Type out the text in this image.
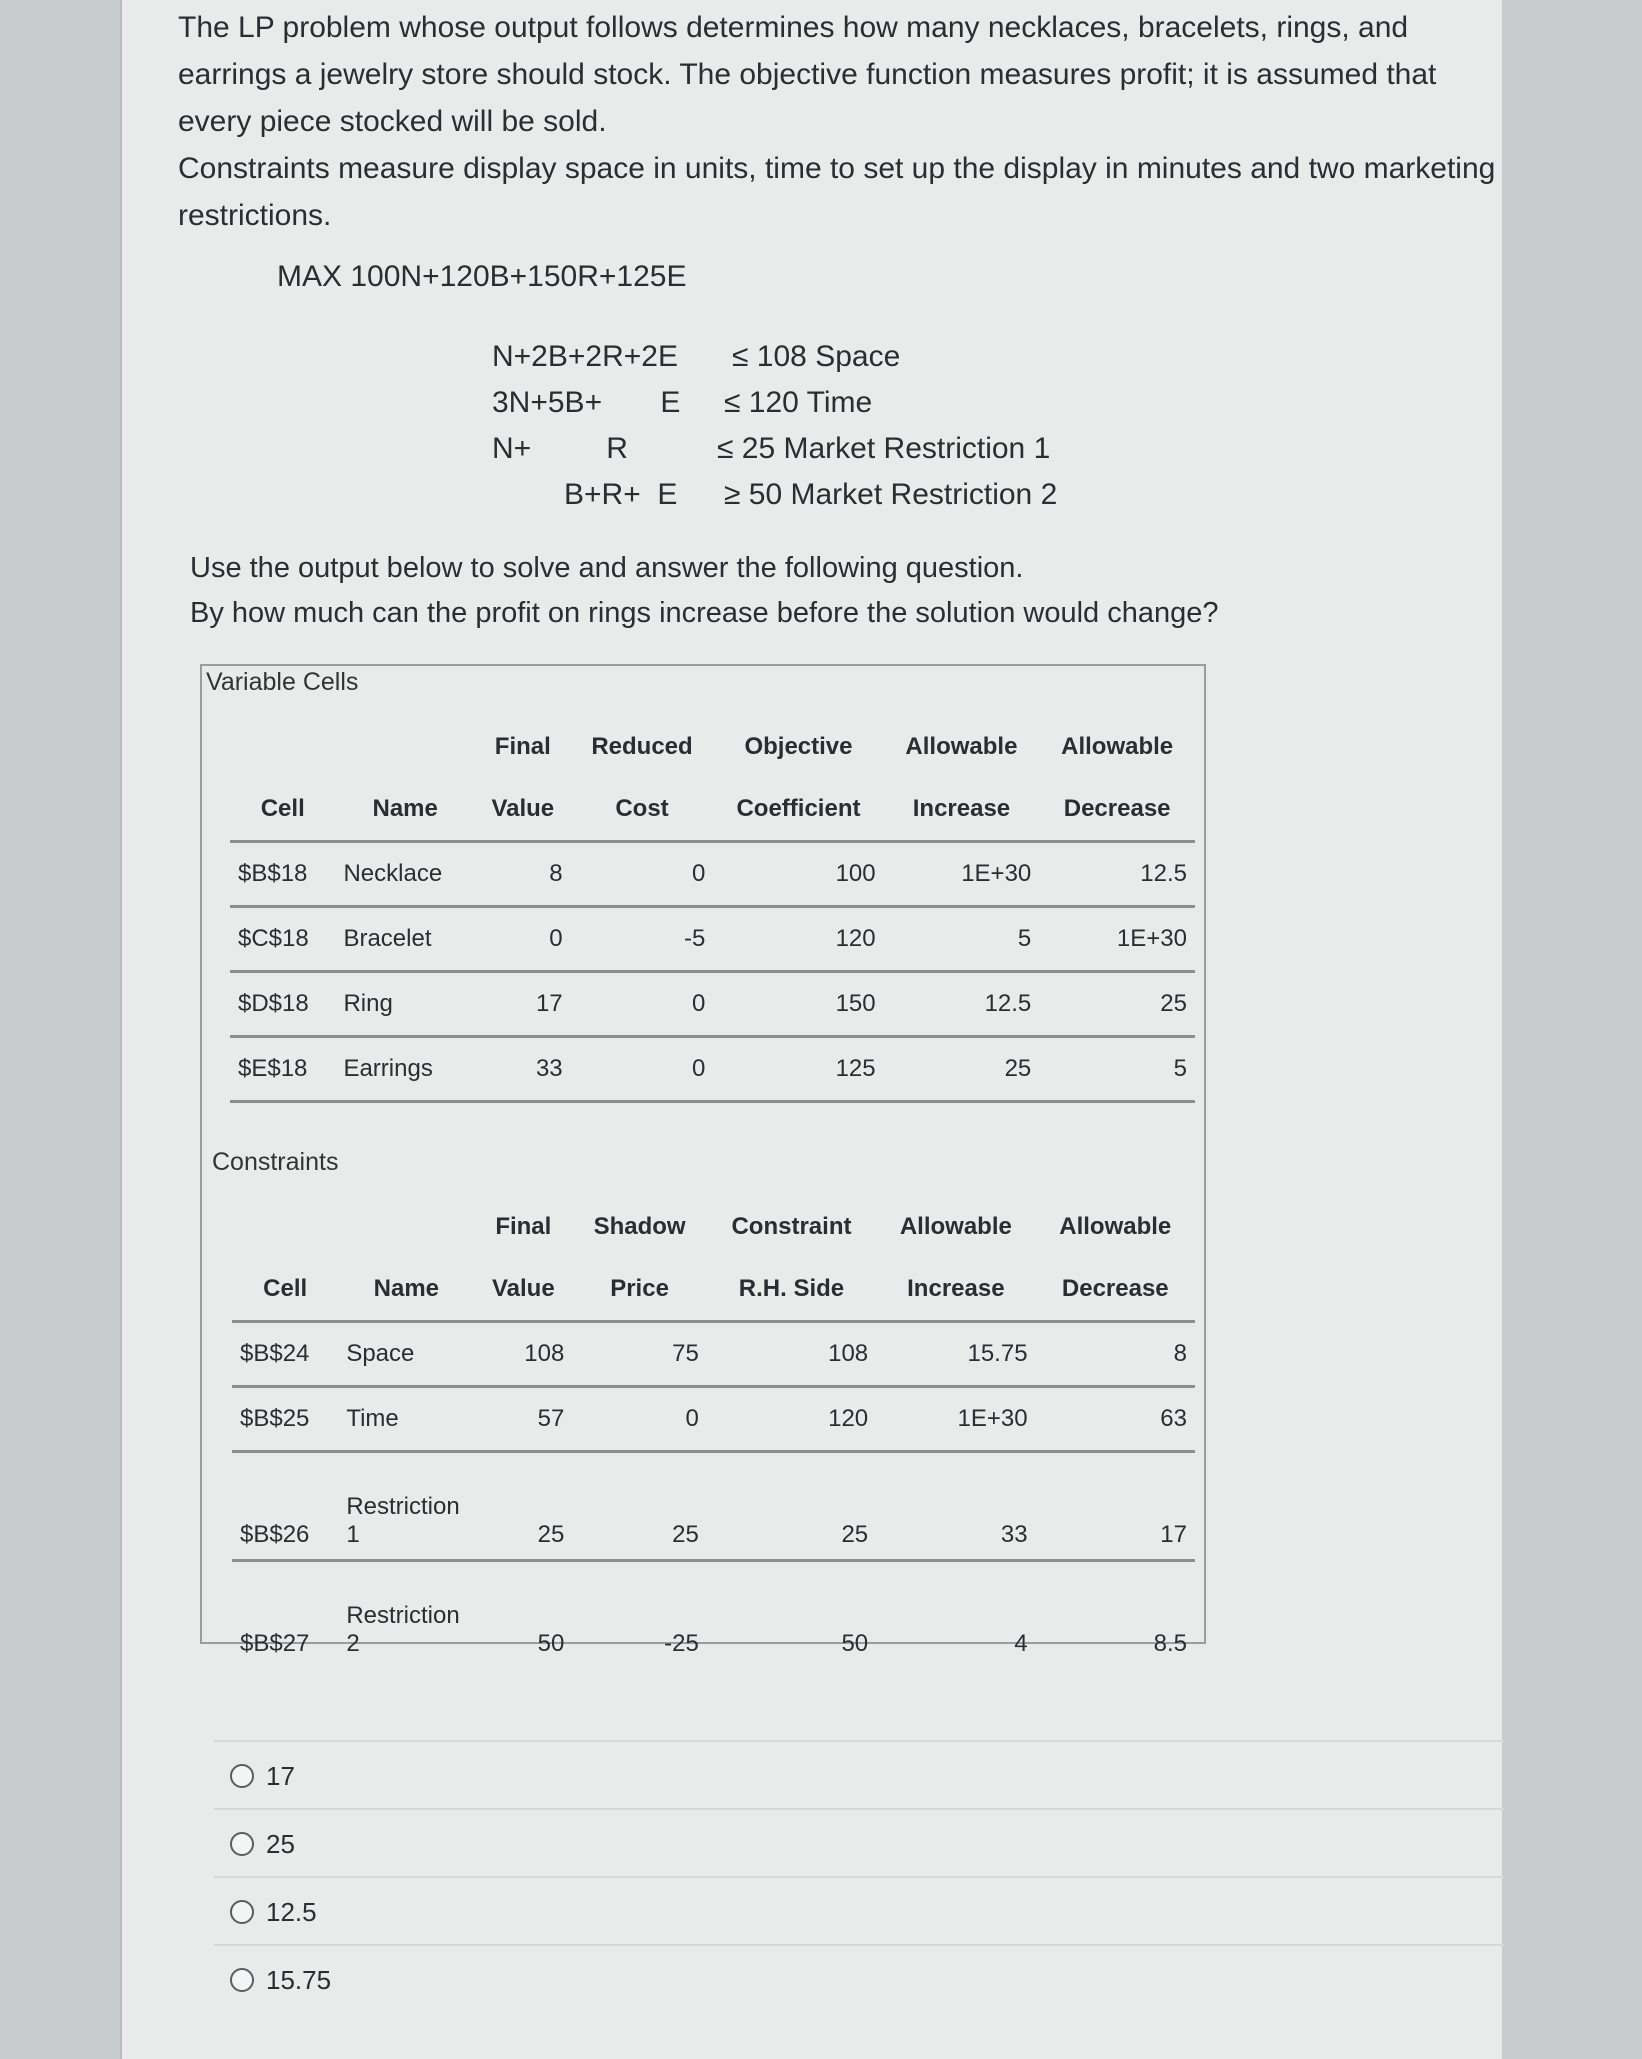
The LP problem whose output follows determines how many necklaces, bracelets, rings, and earrings a jewelry store should stock. The objective function measures profit; it is assumed that every piece stocked will be sold.

Constraints measure display space in units, time to set up the display in minutes and two marketing restrictions.

MAX 100N+120B+150R+125E
N+2B+2R+2E ≤ 108 Space
3N+5B+       E ≤ 120 Time
N+         R	≤ 25 Market Restriction 1
B+R+  E ≥ 50 Market Restriction 2

Use the output below to solve and answer the following question.

By how much can the profit on rings increase before the solution would change?

Variable Cells
		Final	Reduced	Objective	Allowable	Allowable
Cell	Name	Value	Cost	Coefficient	Increase	Decrease
$B$18	Necklace	8	0	100	1E+30	12.5
$C$18	Bracelet	0	-5	120	5	1E+30
$D$18	Ring	17	0	150	12.5	25
$E$18	Earrings	33	0	125	25	5
Constraints
		Final	Shadow	Constraint	Allowable	Allowable
Cell	Name	Value	Price	R.H. Side	Increase	Decrease
$B$24	Space	108	75	108	15.75	8
$B$25	Time	57	0	120	1E+30	63
$B$26	Restriction 1	25	25	25	33	17
$B$27	Restriction 2	50	-25	50	4	8.5
17
25
12.5
15.75
